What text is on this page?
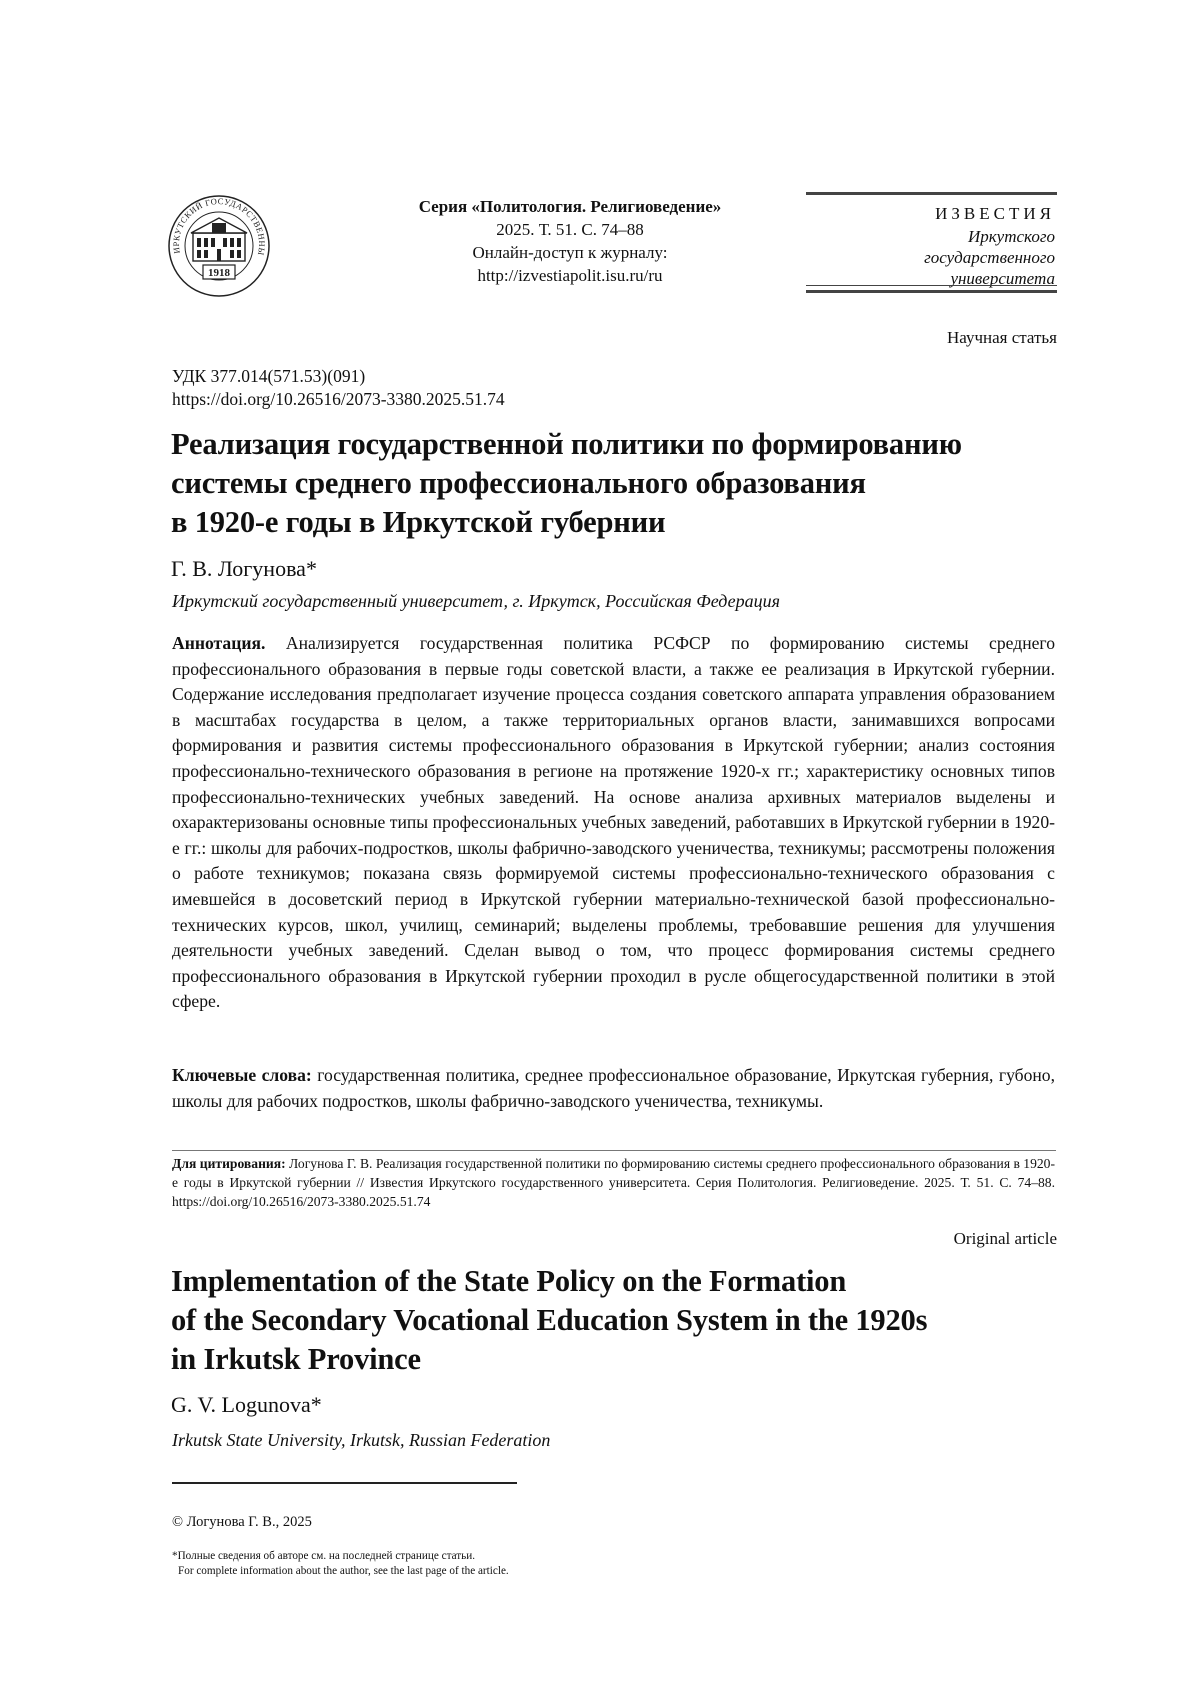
1918
ИРКУТСКИЙ ГОСУДАРСТВЕННЫ
Серия «Политология. Религиоведение»
2025. Т. 51. С. 74–88
Онлайн-доступ к журналу:
http://izvestiapolit.isu.ru/ru
ИЗВЕСТИЯ
Иркутского
государственного
университета
Научная статья
УДК 377.014(571.53)(091)
https://doi.org/10.26516/2073-3380.2025.51.74
Реализация государственной политики по формированию
системы среднего профессионального образования
в 1920-е годы в Иркутской губернии
Г. В. Логунова*
Иркутский государственный университет, г. Иркутск, Российская Федерация
Аннотация. Анализируется государственная политика РСФСР по формированию системы среднего профессионального образования в первые годы советской власти, а также ее реализация в Иркутской губернии. Содержание исследования предполагает изучение процесса создания советского аппарата управления образованием в масштабах государства в целом, а также территориальных органов власти, занимавшихся вопросами формирования и развития системы профессионального образования в Иркутской губернии; анализ состояния профессионально-технического образования в регионе на протяжение 1920-х гг.; характеристику основных типов профессионально-технических учебных заведений. На основе анализа архивных материалов выделены и охарактеризованы основные типы профессиональных учебных заведений, работавших в Иркутской губернии в 1920-е гг.: школы для рабочих-подростков, школы фабрично-заводского ученичества, техникумы; рассмотрены положения о работе техникумов; показана связь формируемой системы профессионально-технического образования с имевшейся в досоветский период в Иркутской губернии материально-технической базой профессионально-технических курсов, школ, училищ, семинарий; выделены проблемы, требовавшие решения для улучшения деятельности учебных заведений. Сделан вывод о том, что процесс формирования системы среднего профессионального образования в Иркутской губернии проходил в русле общегосударственной политики в этой сфере.
Ключевые слова: государственная политика, среднее профессиональное образование, Иркутская губерния, губоно, школы для рабочих подростков, школы фабрично-заводского ученичества, техникумы.
Для цитирования: Логунова Г. В. Реализация государственной политики по формированию системы среднего профессионального образования в 1920-е годы в Иркутской губернии // Известия Иркутского государственного университета. Серия Политология. Религиоведение. 2025. Т. 51. С. 74–88. https://doi.org/10.26516/2073-3380.2025.51.74
Original article
Implementation of the State Policy on the Formation
of the Secondary Vocational Education System in the 1920s
in Irkutsk Province
G. V. Logunova*
Irkutsk State University, Irkutsk, Russian Federation
© Логунова Г. В., 2025
*Полные сведения об авторе см. на последней странице статьи.
For complete information about the author, see the last page of the article.
